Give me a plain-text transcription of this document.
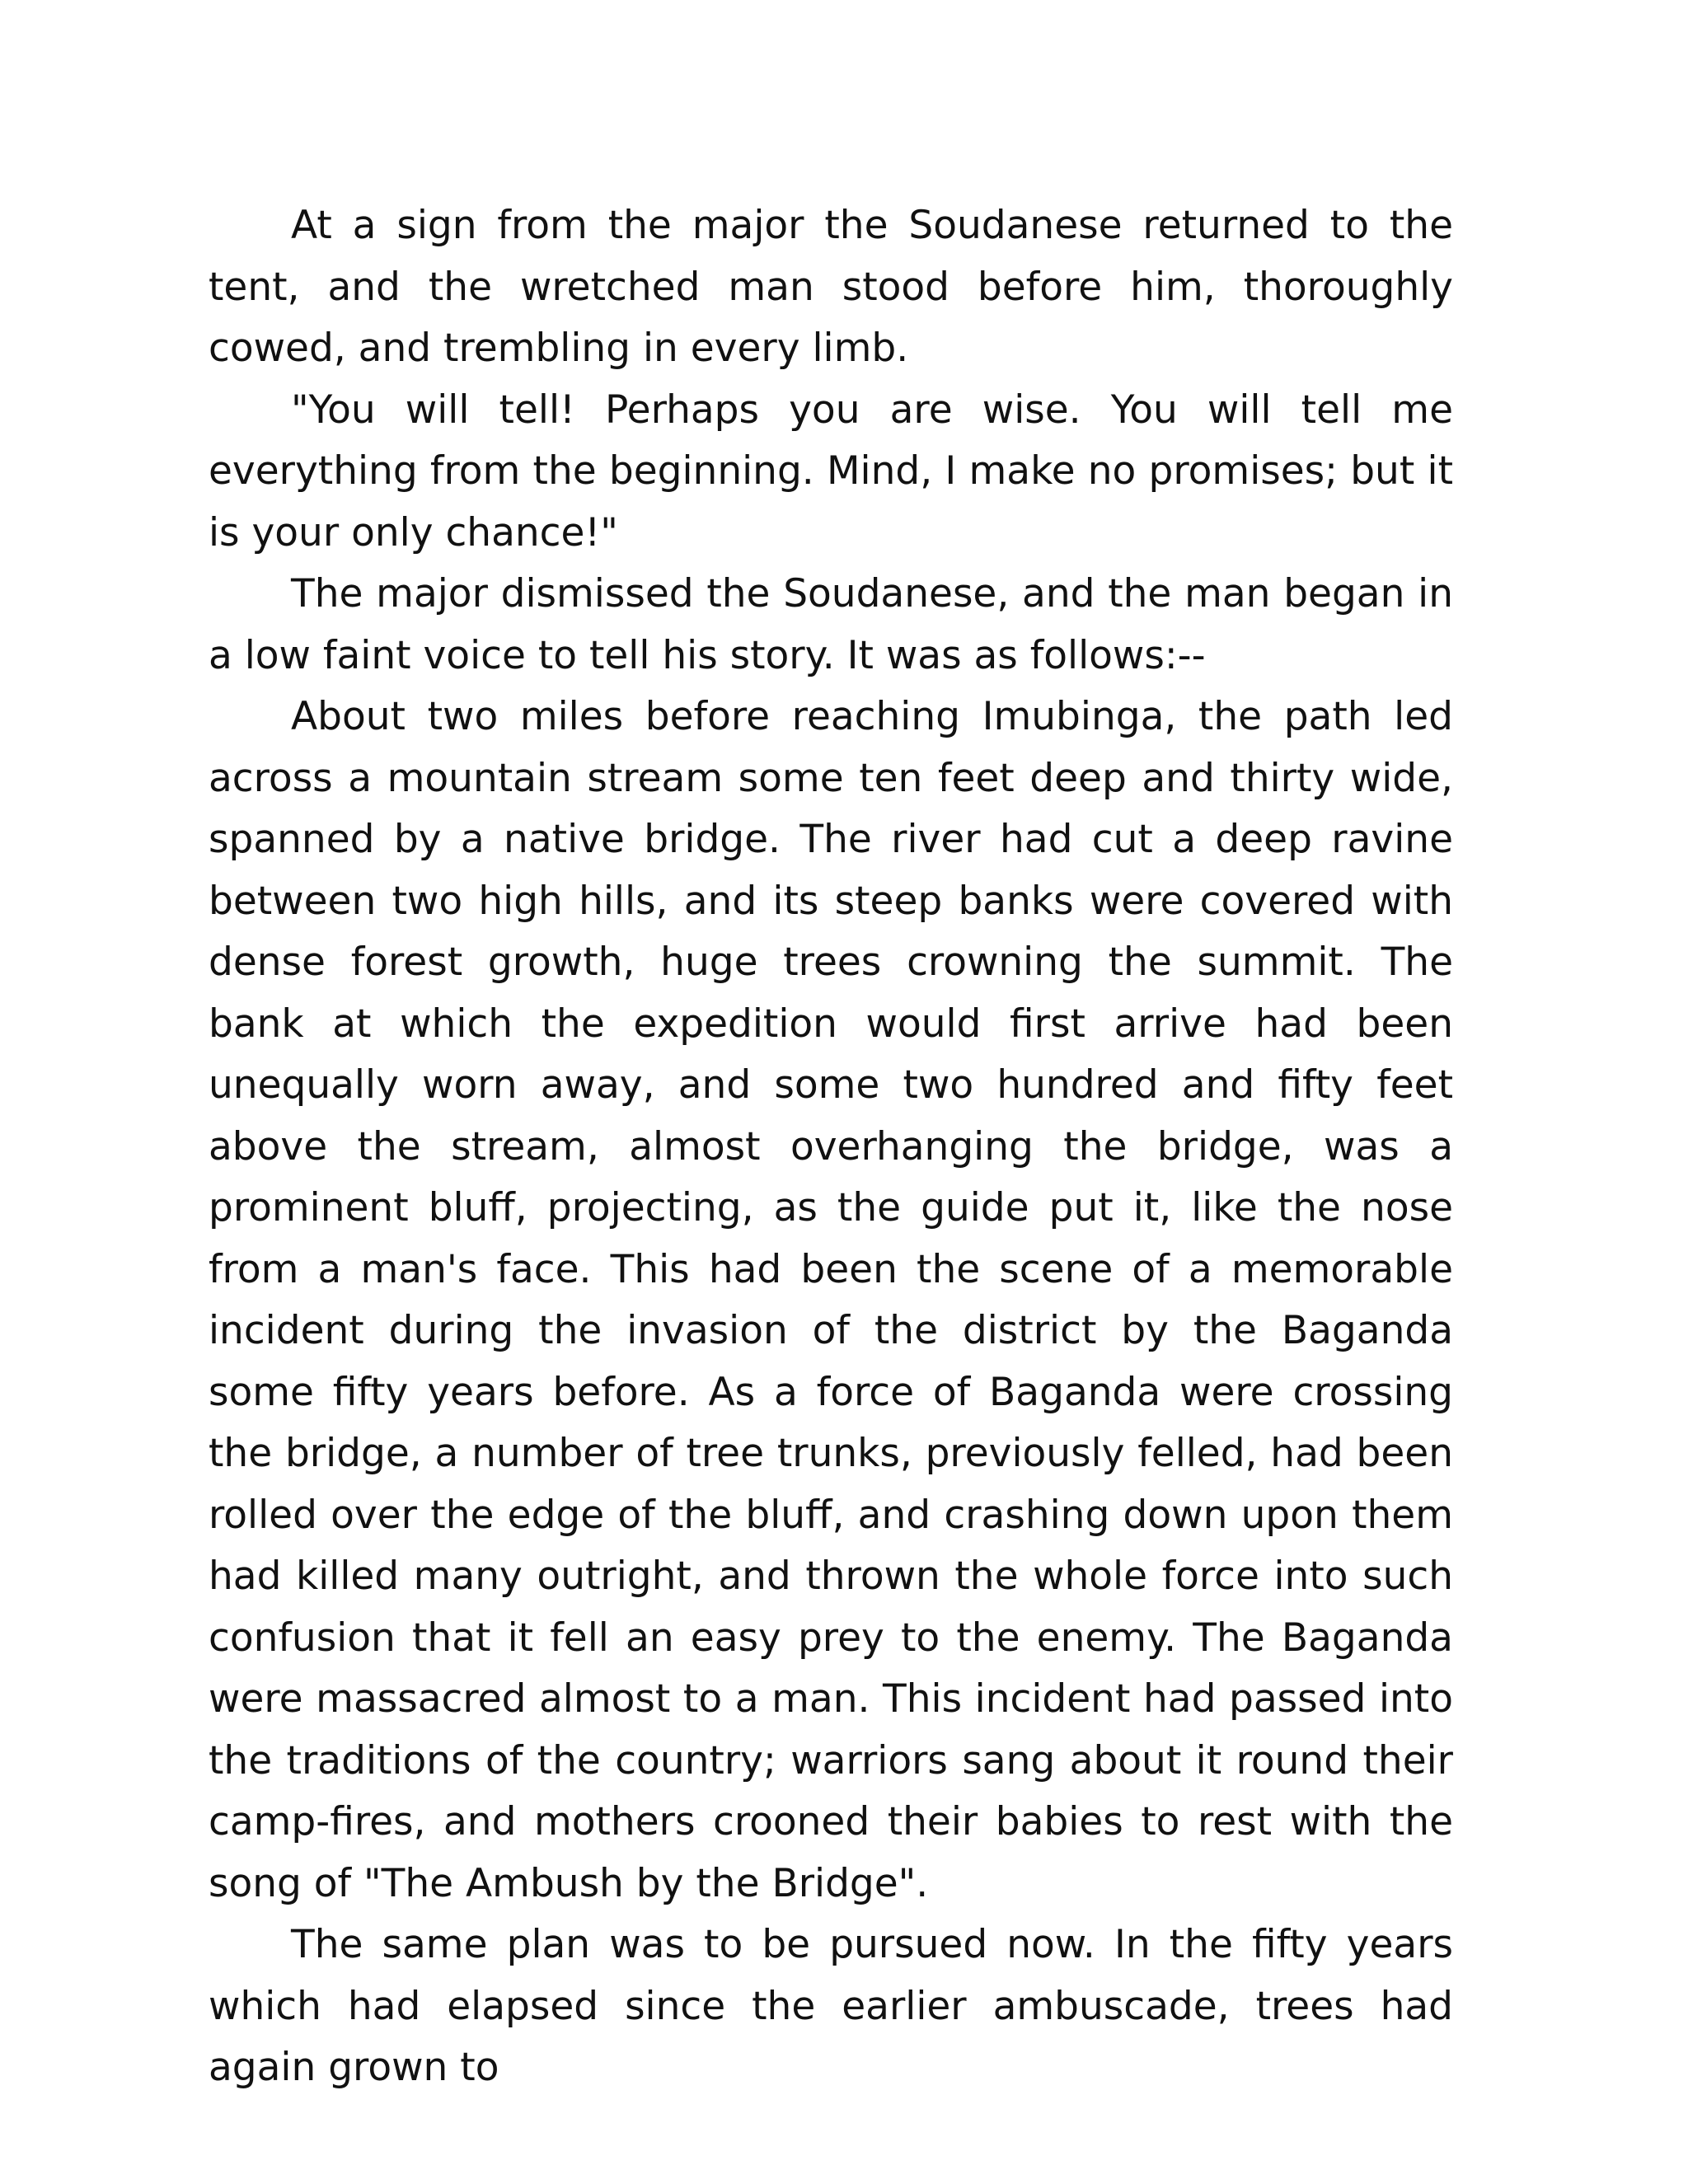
At a sign from the major the Soudanese returned to the tent, and the wretched man stood before him, thoroughly cowed, and trembling in every limb.

"You will tell! Perhaps you are wise. You will tell me everything from the beginning. Mind, I make no promises; but it is your only chance!"

The major dismissed the Soudanese, and the man began in a low faint voice to tell his story. It was as follows:--

About two miles before reaching Imubinga, the path led across a mountain stream some ten feet deep and thirty wide, spanned by a native bridge. The river had cut a deep ravine between two high hills, and its steep banks were covered with dense forest growth, huge trees crowning the summit. The bank at which the expedition would first arrive had been unequally worn away, and some two hundred and fifty feet above the stream, almost overhanging the bridge, was a prominent bluff, projecting, as the guide put it, like the nose from a man's face. This had been the scene of a memorable incident during the invasion of the district by the Baganda some fifty years before. As a force of Baganda were crossing the bridge, a number of tree trunks, previously felled, had been rolled over the edge of the bluff, and crashing down upon them had killed many outright, and thrown the whole force into such confusion that it fell an easy prey to the enemy. The Baganda were massacred almost to a man. This incident had passed into the traditions of the country; warriors sang about it round their camp-fires, and mothers crooned their babies to rest with the song of "The Ambush by the Bridge".

The same plan was to be pursued now. In the fifty years which had elapsed since the earlier ambuscade, trees had again grown to
